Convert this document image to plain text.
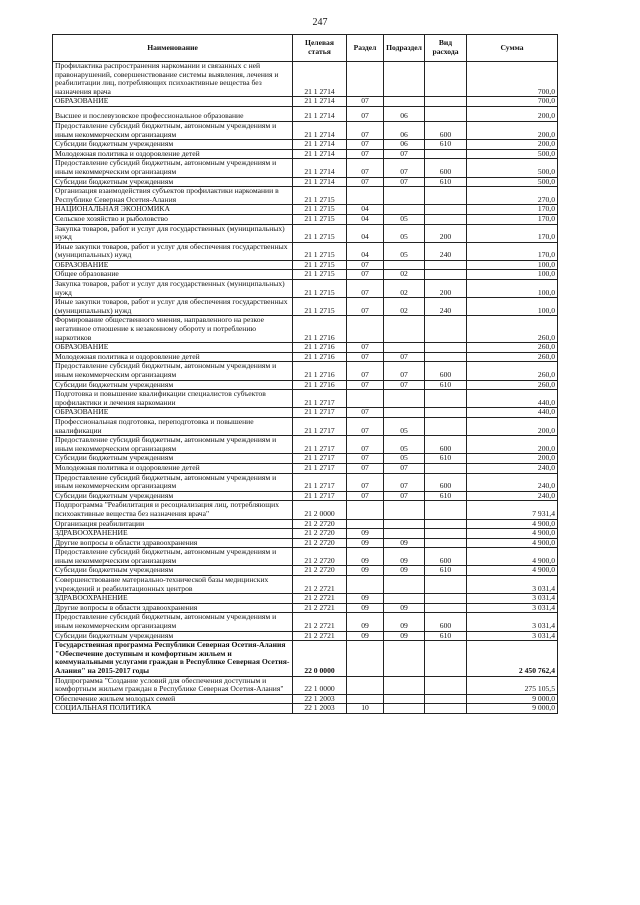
247
Наименование	Целевая статья	Раздел	Подраздел	Вид расхода	Сумма
Профилактика распространения наркомании и связанных с ней правонарушений, совершенствование системы выявления, лечения и реабилитации лиц, потребляющих психоактивные вещества без назначения врача	21 1 2714				700,0
ОБРАЗОВАНИЕ	21 1 2714	07			700,0
Высшее и послевузовское профессиональное образование	21 1 2714	07	06		200,0
Предоставление субсидий бюджетным, автономным учреждениям и иным некоммерческим организациям	21 1 2714	07	06	600	200,0
Субсидии бюджетным учреждениям	21 1 2714	07	06	610	200,0
Молодежная политика и оздоровление детей	21 1 2714	07	07		500,0
Предоставление субсидий бюджетным, автономным учреждениям и иным некоммерческим организациям	21 1 2714	07	07	600	500,0
Субсидии бюджетным учреждениям	21 1 2714	07	07	610	500,0
Организация взаимодействия субъектов профилактики наркомании в Республике Северная Осетия-Алания	21 1 2715				270,0
НАЦИОНАЛЬНАЯ ЭКОНОМИКА	21 1 2715	04			170,0
Сельское хозяйство и рыболовство	21 1 2715	04	05		170,0
Закупка товаров, работ и услуг для государственных (муниципальных) нужд	21 1 2715	04	05	200	170,0
Иные закупки товаров, работ и услуг для обеспечения государственных (муниципальных) нужд	21 1 2715	04	05	240	170,0
ОБРАЗОВАНИЕ	21 1 2715	07			100,0
Общее образование	21 1 2715	07	02		100,0
Закупка товаров, работ и услуг для государственных (муниципальных) нужд	21 1 2715	07	02	200	100,0
Иные закупки товаров, работ и услуг для обеспечения государственных (муниципальных) нужд	21 1 2715	07	02	240	100,0
Формирование общественного мнения, направленного на резкое негативное отношение к незаконному обороту и потреблению наркотиков	21 1 2716				260,0
ОБРАЗОВАНИЕ	21 1 2716	07			260,0
Молодежная политика и оздоровление детей	21 1 2716	07	07		260,0
Предоставление субсидий бюджетным, автономным учреждениям и иным некоммерческим организациям	21 1 2716	07	07	600	260,0
Субсидии бюджетным учреждениям	21 1 2716	07	07	610	260,0
Подготовка и повышение квалификации специалистов субъектов профилактики и лечения наркомании	21 1 2717				440,0
ОБРАЗОВАНИЕ	21 1 2717	07			440,0
Профессиональная подготовка, переподготовка и повышение квалификации	21 1 2717	07	05		200,0
Предоставление субсидий бюджетным, автономным учреждениям и иным некоммерческим организациям	21 1 2717	07	05	600	200,0
Субсидии бюджетным учреждениям	21 1 2717	07	05	610	200,0
Молодежная политика и оздоровление детей	21 1 2717	07	07		240,0
Предоставление субсидий бюджетным, автономным учреждениям и иным некоммерческим организациям	21 1 2717	07	07	600	240,0
Субсидии бюджетным учреждениям	21 1 2717	07	07	610	240,0
Подпрограмма "Реабилитация и ресоциализация лиц, потребляющих психоактивные вещества без назначения врача"	21 2 0000				7 931,4
Организация реабилитации	21 2 2720				4 900,0
ЗДРАВООХРАНЕНИЕ	21 2 2720	09			4 900,0
Другие вопросы в области здравоохранения	21 2 2720	09	09		4 900,0
Предоставление субсидий бюджетным, автономным учреждениям и иным некоммерческим организациям	21 2 2720	09	09	600	4 900,0
Субсидии бюджетным учреждениям	21 2 2720	09	09	610	4 900,0
Совершенствование материально-технической базы медицинских учреждений и реабилитационных центров	21 2 2721				3 031,4
ЗДРАВООХРАНЕНИЕ	21 2 2721	09			3 031,4
Другие вопросы в области здравоохранения	21 2 2721	09	09		3 031,4
Предоставление субсидий бюджетным, автономным учреждениям и иным некоммерческим организациям	21 2 2721	09	09	600	3 031,4
Субсидии бюджетным учреждениям	21 2 2721	09	09	610	3 031,4
Государственная программа Республики Северная Осетия-Алания "Обеспечение доступным и комфортным жильем и коммунальными услугами граждан в Республике Северная Осетия-Алания" на 2015-2017 годы	22 0 0000				2 450 762,4
Подпрограмма "Создание условий для обеспечения доступным и комфортным жильем граждан в Республике Северная Осетия-Алания"	22 1 0000				275 105,5
Обеспечение жильем молодых семей	22 1 2003				9 000,0
СОЦИАЛЬНАЯ ПОЛИТИКА	22 1 2003	10			9 000,0
